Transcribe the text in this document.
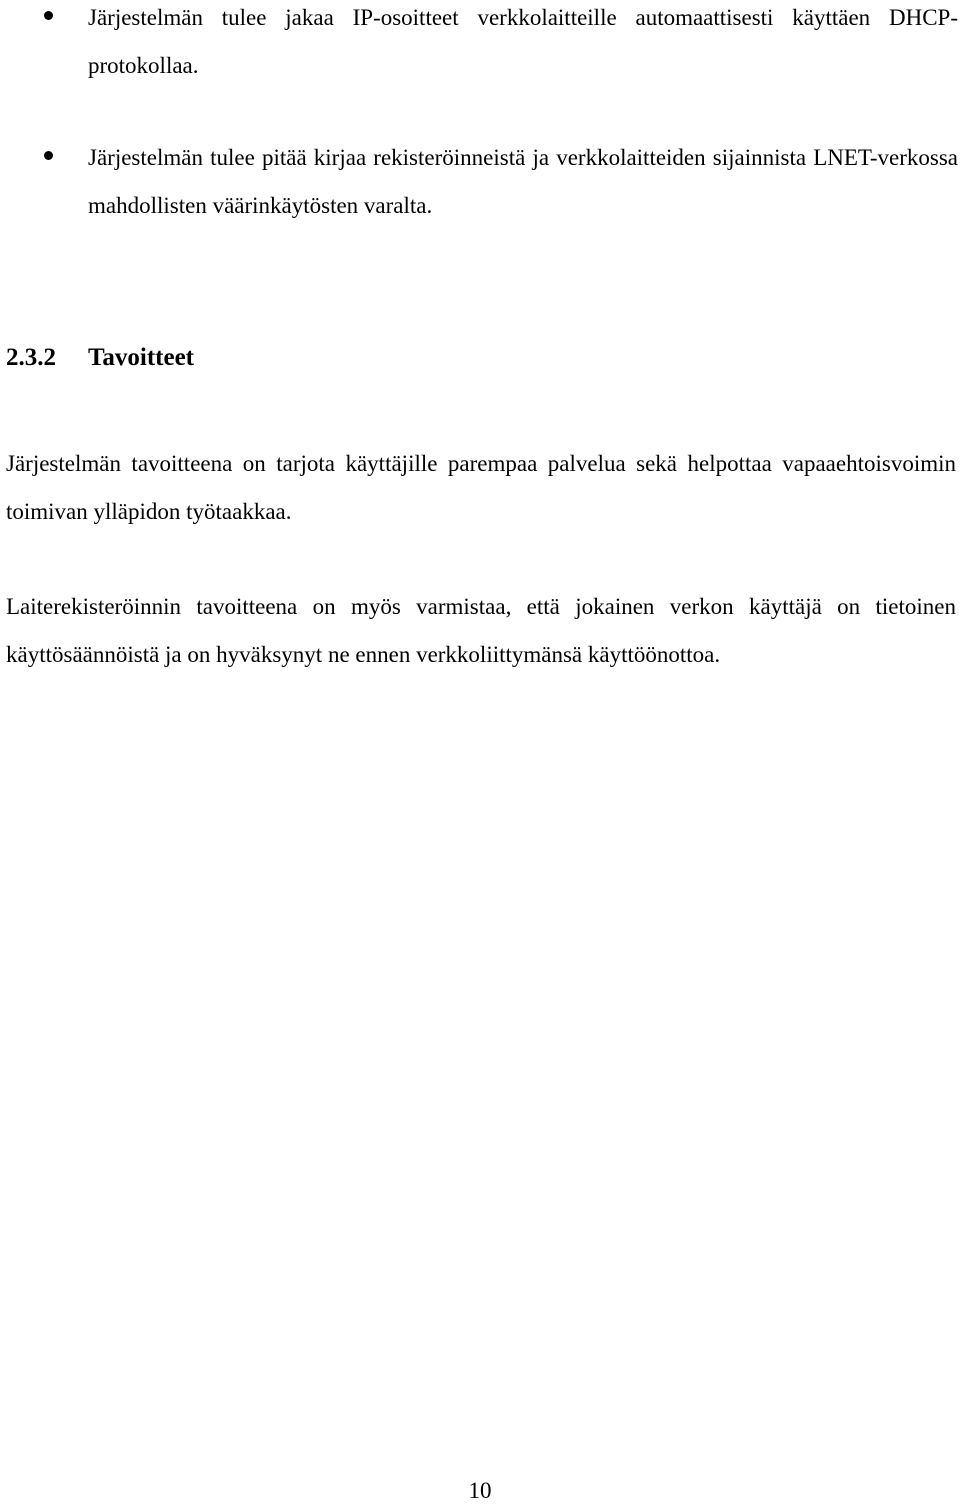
Järjestelmän tulee jakaa IP-osoitteet verkkolaitteille automaattisesti käyttäen DHCP-protokollaa.
Järjestelmän tulee pitää kirjaa rekisteröinneistä ja verkkolaitteiden sijainnista LNET-verkossa mahdollisten väärinkäytösten varalta.
2.3.2 Tavoitteet

Järjestelmän tavoitteena on tarjota käyttäjille parempaa palvelua sekä helpottaa vapaaehtoisvoimin toimivan ylläpidon työtaakkaa.

Laiterekisteröinnin tavoitteena on myös varmistaa, että jokainen verkon käyttäjä on tietoinen käyttösäännöistä ja on hyväksynyt ne ennen verkkoliittymänsä käyttöönottoa.

10
